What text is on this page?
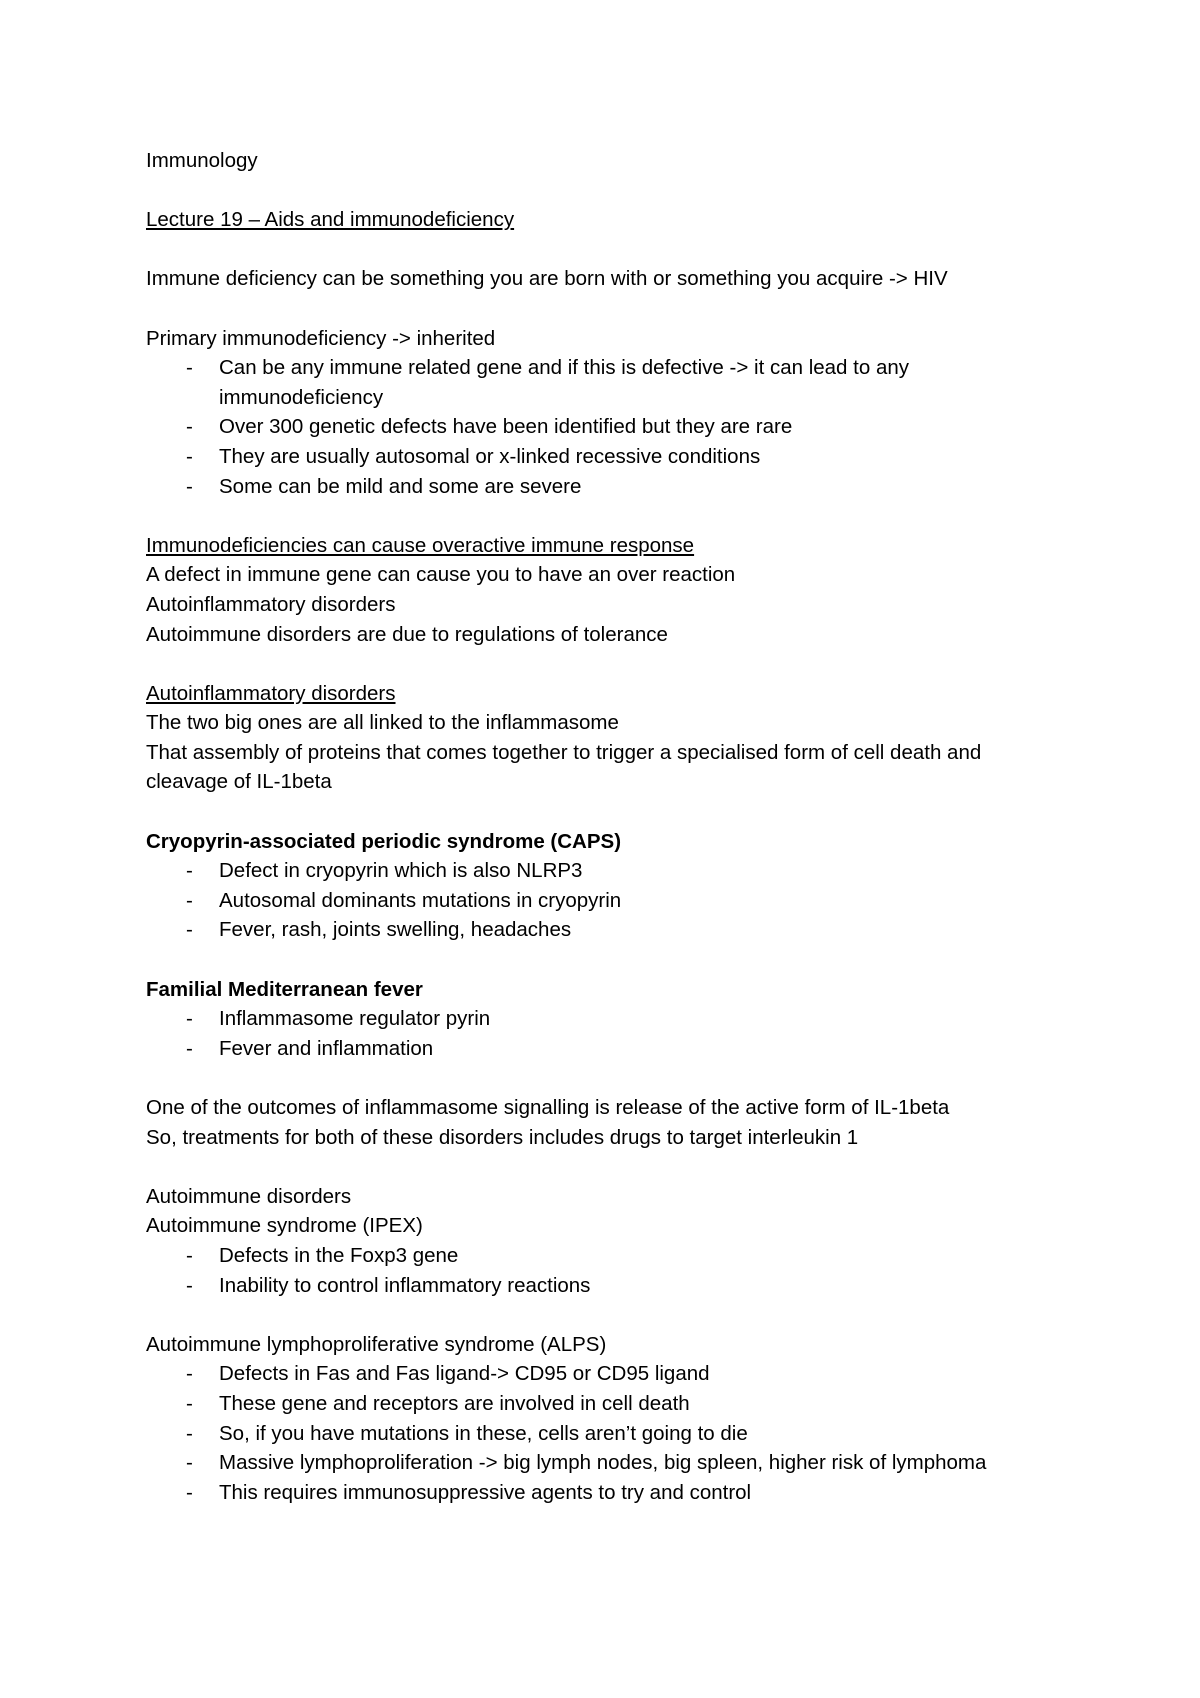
Immunology

Lecture 19 – Aids and immunodeficiency

Immune deficiency can be something you are born with or something you acquire -> HIV

Primary immunodeficiency -> inherited

- Can be any immune related gene and if this is defective -> it can lead to any
immunodeficiency
- Over 300 genetic defects have been identified but they are rare
- They are usually autosomal or x-linked recessive conditions
- Some can be mild and some are severe

Immunodeficiencies can cause overactive immune response

A defect in immune gene can cause you to have an over reaction

Autoinflammatory disorders

Autoimmune disorders are due to regulations of tolerance

Autoinflammatory disorders

The two big ones are all linked to the inflammasome

That assembly of proteins that comes together to trigger a specialised form of cell death and

cleavage of IL-1beta

Cryopyrin-associated periodic syndrome (CAPS)

- Defect in cryopyrin which is also NLRP3
- Autosomal dominants mutations in cryopyrin
- Fever, rash, joints swelling, headaches

Familial Mediterranean fever

- Inflammasome regulator pyrin
- Fever and inflammation

One of the outcomes of inflammasome signalling is release of the active form of IL-1beta

So, treatments for both of these disorders includes drugs to target interleukin 1

Autoimmune disorders

Autoimmune syndrome (IPEX)

- Defects in the Foxp3 gene
- Inability to control inflammatory reactions

Autoimmune lymphoproliferative syndrome (ALPS)

- Defects in Fas and Fas ligand-> CD95 or CD95 ligand
- These gene and receptors are involved in cell death
- So, if you have mutations in these, cells aren’t going to die
- Massive lymphoproliferation -> big lymph nodes, big spleen, higher risk of lymphoma
- This requires immunosuppressive agents to try and control
